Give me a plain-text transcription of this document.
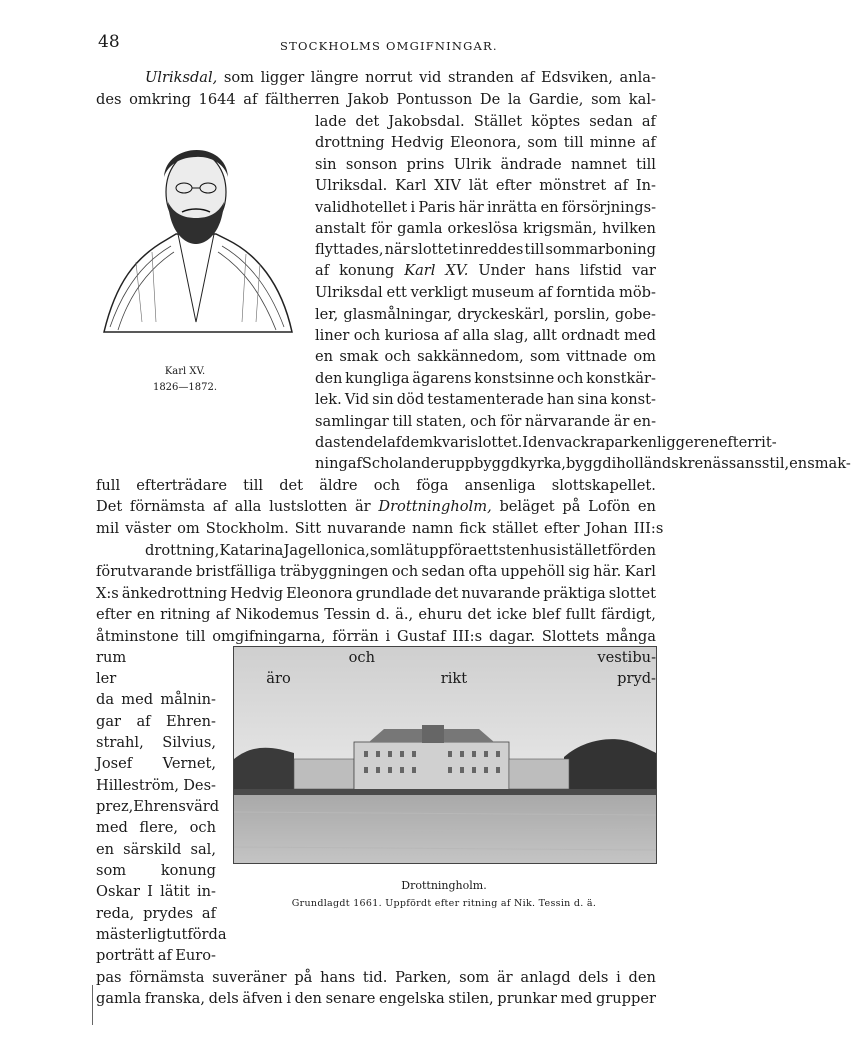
48	STOCKHOLMS OMGIFNINGAR.
Karl XV.
1826—1872.
Drottningholm.
Grundlagdt 1661. Uppfördt efter ritning af Nik. Tessin d. ä.
Ulriksdal, som ligger längre norrut vid stranden af Edsviken, anla-
des omkring 1644 af fältherren Jakob Pontusson De la Gardie, som kal-
lade det Jakobsdal. Stället köptes sedan af
drottning Hedvig Eleonora, som till minne af
sin sonson prins Ulrik ändrade namnet till
Ulriksdal. Karl XIV lät efter mönstret af In-
validhotellet i Paris här inrätta en försörjnings-
anstalt för gamla orkeslösa krigsmän, hvilken
flyttades, när slottet inreddes till sommarboning
af konung Karl XV. Under hans lifstid var
Ulriksdal ett verkligt museum af forntida möb-
ler, glasmålningar, dryckeskärl, porslin, gobe-
liner och kuriosa af alla slag, allt ordnadt med
en smak och sakkännedom, som vittnade om
den kungliga ägarens konstsinne och konstkär-
lek. Vid sin död testamenterade han sina konst-
samlingar till staten, och för närvarande är en-
dast en del af dem kvar i slottet. I den vackra parken ligger en efter rit-
ning af Scholander uppbyggd kyrka, byggd i holländsk renässansstil, en smak-
full efterträdare till det äldre och föga ansenliga slottskapellet.
Det förnämsta af alla lustslotten är Drottningholm, beläget på Lofön en
mil väster om Stockholm. Sitt nuvarande namn fick stället efter Johan III:s
drottning, Katarina Jagellonica, som lät uppföra ett stenhus i stället för den
förutvarande bristfälliga träbyggningen och sedan ofta uppehöll sig här. Karl
X:s änkedrottning Hedvig Eleonora grundlade det nuvarande präktiga slottet
efter en ritning af Nikodemus Tessin d. ä., ehuru det icke blef fullt färdigt,
åtminstone till omgifningarna, förrän i Gustaf III:s dagar. Slottets många
rum	och	vestibu-
ler	äro	rikt	pryd-
da med målnin-
gar af Ehren-
strahl, Silvius,
Josef Vernet,
Hilleström, Des-
prez, Ehrensvärd
med flere, och
en särskild sal,
som konung
Oskar I lätit in-
reda, prydes af
mästerligt utförda
porträtt af Euro-
pas förnämsta suveräner på hans tid. Parken, som är anlagd dels i den
gamla franska, dels äfven i den senare engelska stilen, prunkar med grupper
